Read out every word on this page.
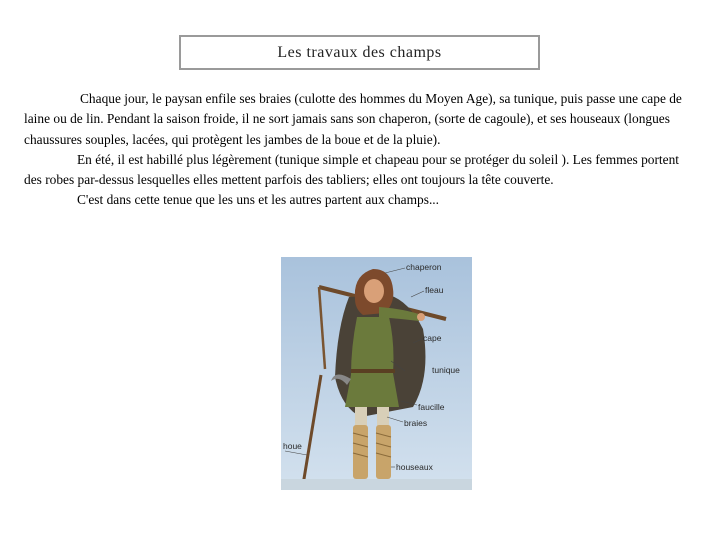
Les travaux des champs

Chaque jour, le paysan enfile ses braies (culotte des hommes du Moyen Age), sa tunique, puis passe une cape de laine ou de lin. Pendant la saison froide, il ne sort jamais sans son chaperon, (sorte de cagoule), et ses houseaux (longues chaussures souples, lacées, qui protègent les jambes de la boue et de la pluie).

En été, il est habillé plus légèrement (tunique simple et chapeau pour se protéger du soleil ). Les femmes portent des robes par-dessus lesquelles elles mettent parfois des tabliers; elles ont toujours la tête couverte.

C'est dans cette tenue que les uns et les autres partent aux champs...

chaperon
fleau
cape
tunique
faucille
braies
houe
houseaux
